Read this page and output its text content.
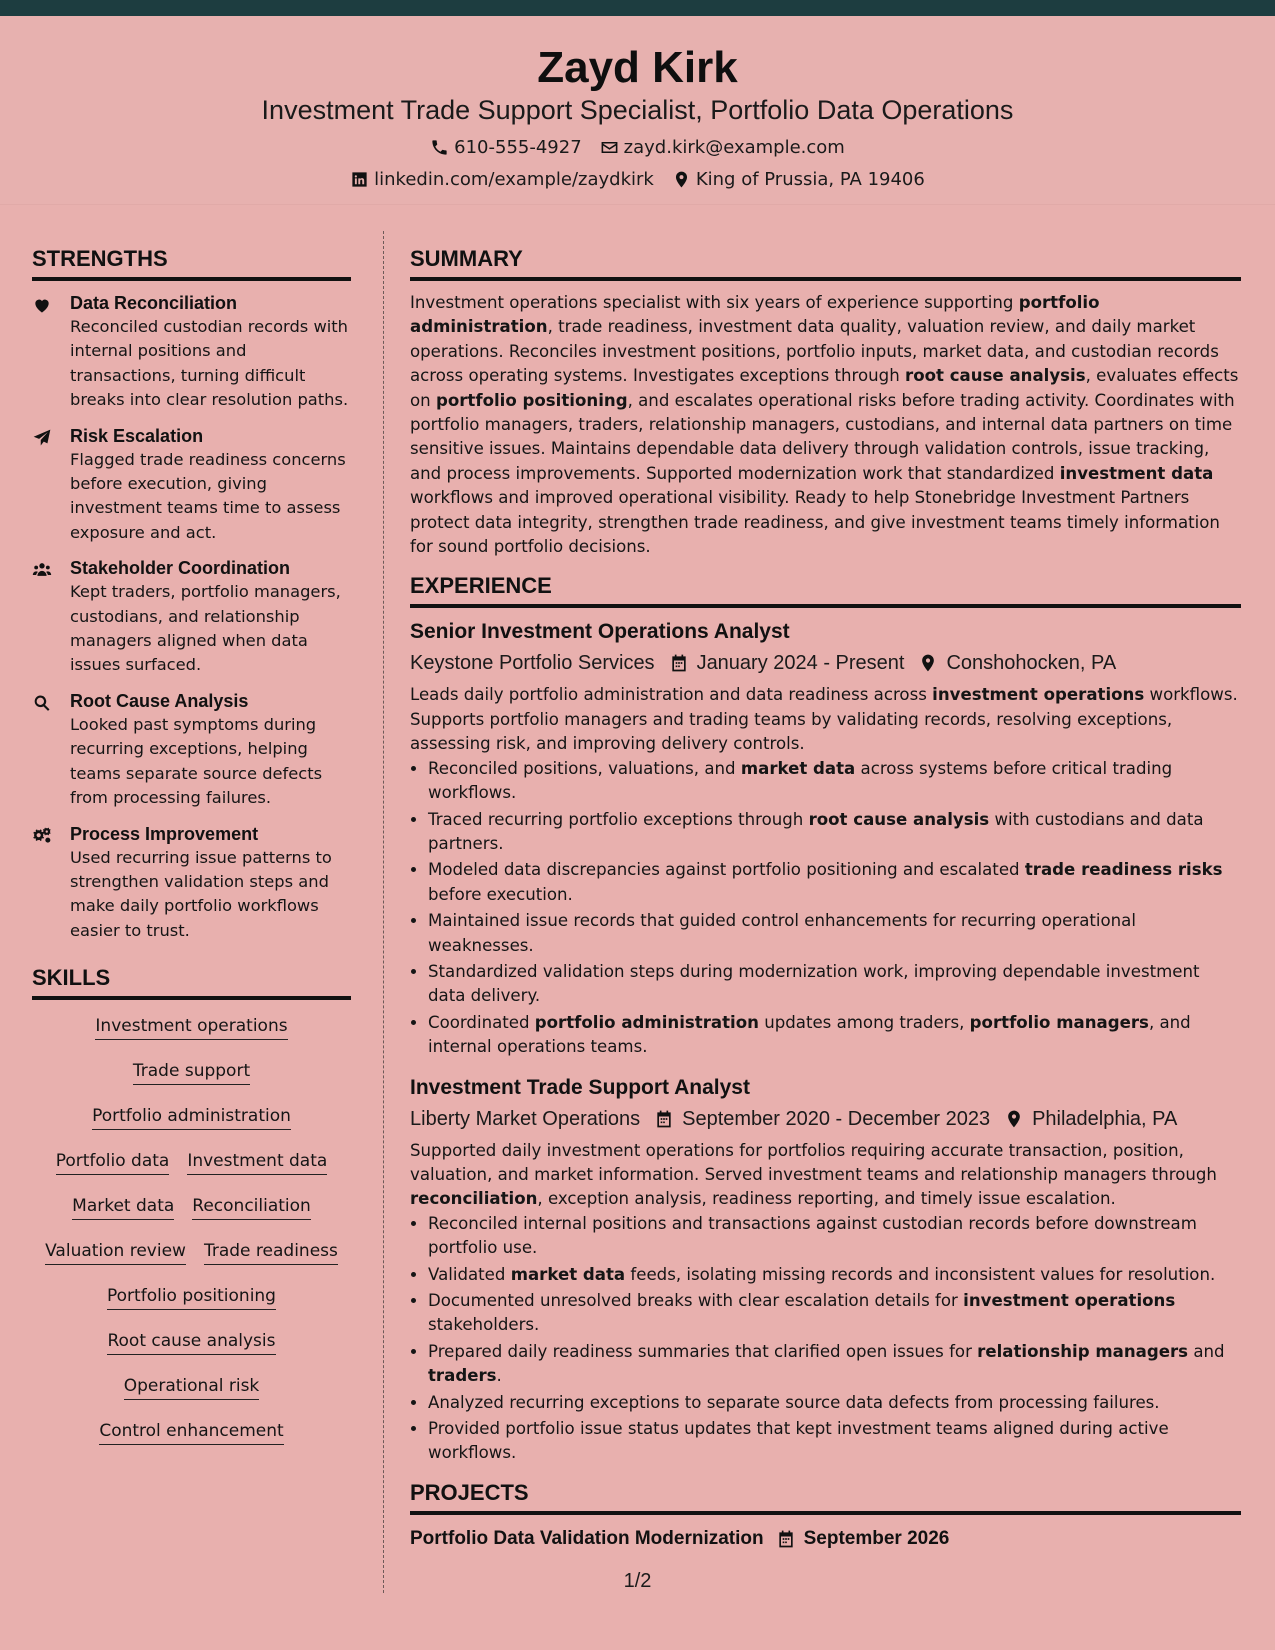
Zayd Kirk
Investment Trade Support Specialist, Portfolio Data Operations
610-555-4927 zayd.kirk@example.com
linkedin.com/example/zaydkirk King of Prussia, PA 19406
STRENGTHS
Data Reconciliation
Reconciled custodian records with internal positions and transactions, turning difficult breaks into clear resolution paths.
Risk Escalation
Flagged trade readiness concerns before execution, giving investment teams time to assess exposure and act.
Stakeholder Coordination
Kept traders, portfolio managers, custodians, and relationship managers aligned when data issues surfaced.
Root Cause Analysis
Looked past symptoms during recurring exceptions, helping teams separate source defects from processing failures.
Process Improvement
Used recurring issue patterns to strengthen validation steps and make daily portfolio workflows easier to trust.
SKILLS
Investment operations
Trade support
Portfolio administration
Portfolio data Investment data
Market data Reconciliation
Valuation review Trade readiness
Portfolio positioning
Root cause analysis
Operational risk
Control enhancement
SUMMARY
Investment operations specialist with six years of experience supporting portfolio administration, trade readiness, investment data quality, valuation review, and daily market operations. Reconciles investment positions, portfolio inputs, market data, and custodian records across operating systems. Investigates exceptions through root cause analysis, evaluates effects on portfolio positioning, and escalates operational risks before trading activity. Coordinates with portfolio managers, traders, relationship managers, custodians, and internal data partners on time sensitive issues. Maintains dependable data delivery through validation controls, issue tracking, and process improvements. Supported modernization work that standardized investment data workflows and improved operational visibility. Ready to help Stonebridge Investment Partners protect data integrity, strengthen trade readiness, and give investment teams timely information for sound portfolio decisions.
EXPERIENCE
Senior Investment Operations Analyst
Keystone Portfolio Services January 2024 - Present Conshohocken, PA
Leads daily portfolio administration and data readiness across investment operations workflows. Supports portfolio managers and trading teams by validating records, resolving exceptions, assessing risk, and improving delivery controls.
• Reconciled positions, valuations, and market data across systems before critical trading workflows.
• Traced recurring portfolio exceptions through root cause analysis with custodians and data partners.
• Modeled data discrepancies against portfolio positioning and escalated trade readiness risks before execution.
• Maintained issue records that guided control enhancements for recurring operational weaknesses.
• Standardized validation steps during modernization work, improving dependable investment data delivery.
• Coordinated portfolio administration updates among traders, portfolio managers, and internal operations teams.
Investment Trade Support Analyst
Liberty Market Operations September 2020 - December 2023 Philadelphia, PA
Supported daily investment operations for portfolios requiring accurate transaction, position, valuation, and market information. Served investment teams and relationship managers through reconciliation, exception analysis, readiness reporting, and timely issue escalation.
• Reconciled internal positions and transactions against custodian records before downstream portfolio use.
• Validated market data feeds, isolating missing records and inconsistent values for resolution.
• Documented unresolved breaks with clear escalation details for investment operations stakeholders.
• Prepared daily readiness summaries that clarified open issues for relationship managers and traders.
• Analyzed recurring exceptions to separate source data defects from processing failures.
• Provided portfolio issue status updates that kept investment teams aligned during active workflows.
PROJECTS
Portfolio Data Validation Modernization September 2026
1/2
